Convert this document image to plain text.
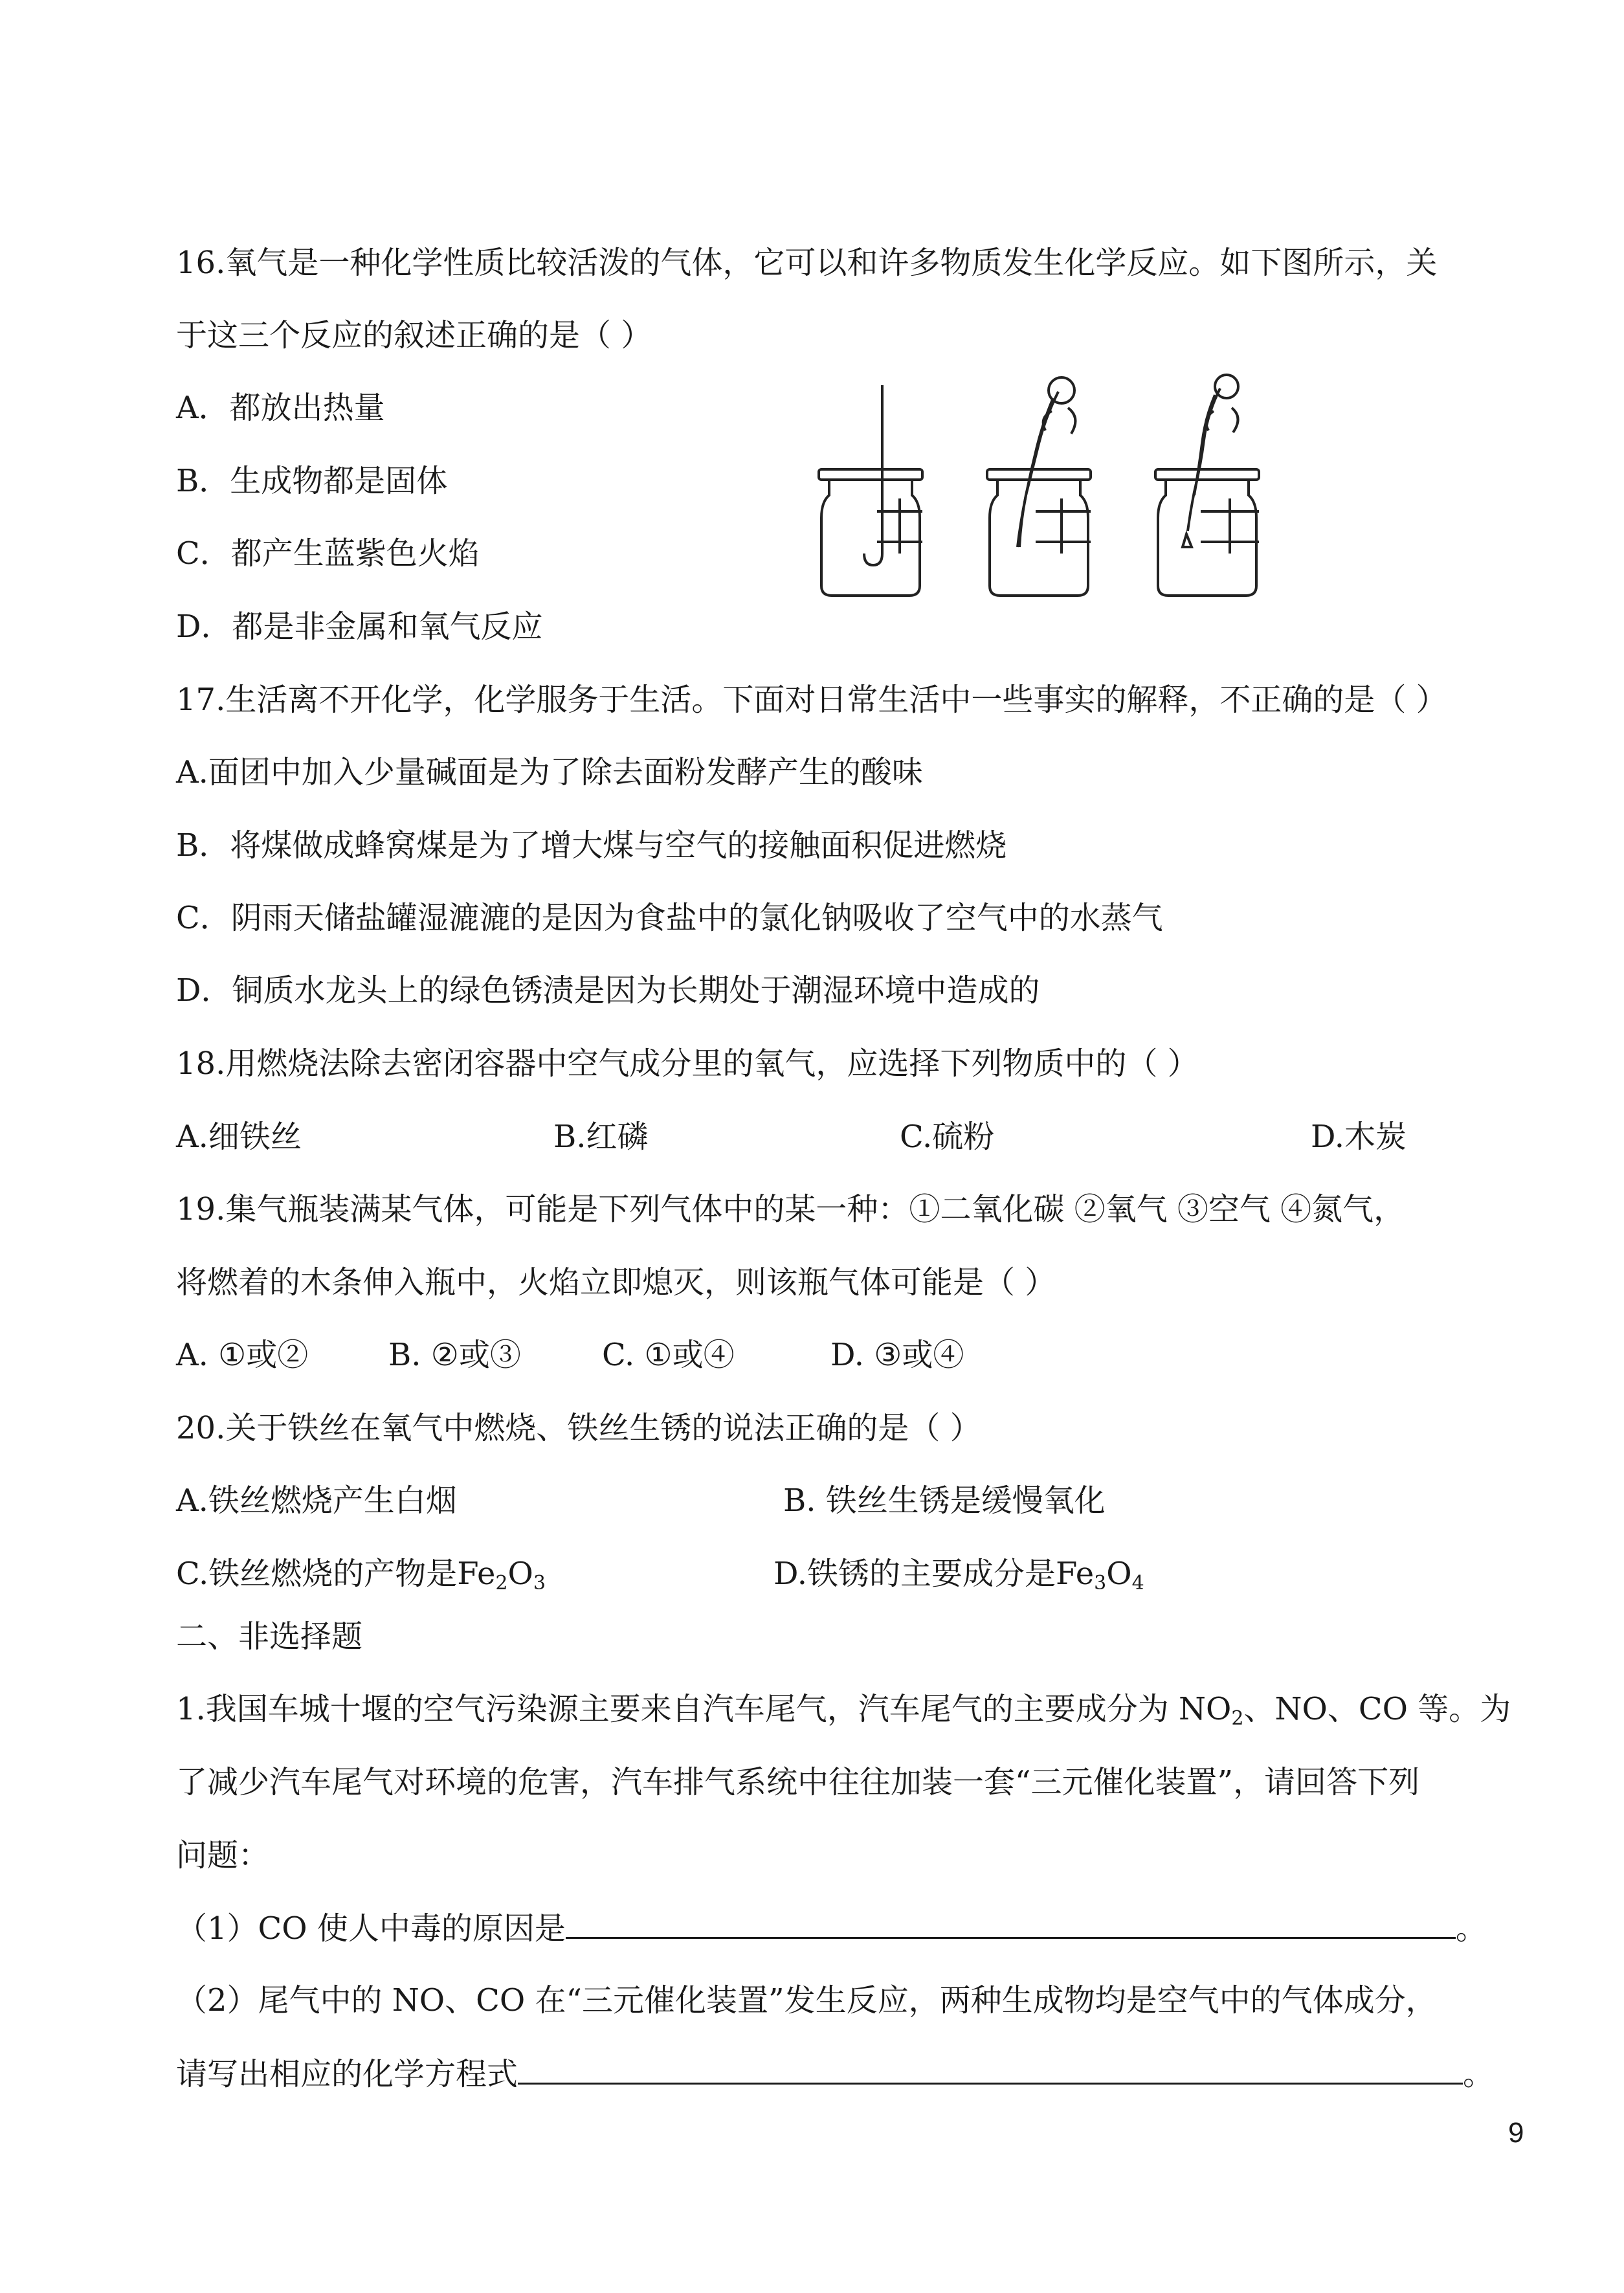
16.氧气是一种化学性质比较活泼的气体，它可以和许多物质发生化学反应。如下图所示，关
于这三个反应的叙述正确的是（ ）
A．都放出热量
B．生成物都是固体
C．都产生蓝紫色火焰
D．都是非金属和氧气反应
17.生活离不开化学，化学服务于生活。下面对日常生活中一些事实的解释，不正确的是（ ）
A.面团中加入少量碱面是为了除去面粉发酵产生的酸味
B．将煤做成蜂窝煤是为了增大煤与空气的接触面积促进燃烧
C．阴雨天储盐罐湿漉漉的是因为食盐中的氯化钠吸收了空气中的水蒸气
D．铜质水龙头上的绿色锈渍是因为长期处于潮湿环境中造成的
18.用燃烧法除去密闭容器中空气成分里的氧气，应选择下列物质中的（ ）
A.细铁丝	B.红磷	C.硫粉	D.木炭
19.集气瓶装满某气体，可能是下列气体中的某一种：①二氧化碳 ②氧气 ③空气 ④氮气，
将燃着的木条伸入瓶中，火焰立即熄灭，则该瓶气体可能是（ ）
A. ①或②	B. ②或③	C. ①或④	D. ③或④
20.关于铁丝在氧气中燃烧、铁丝生锈的说法正确的是（ ）
A.铁丝燃烧产生白烟	B. 铁丝生锈是缓慢氧化
C.铁丝燃烧的产物是$Fe_2O_3$	D.铁锈的主要成分是$Fe_3O_4$
二、非选择题
1.我国车城十堰的空气污染源主要来自汽车尾气，汽车尾气的主要成分为 $NO_2$、NO、CO 等。为
了减少汽车尾气对环境的危害，汽车排气系统中往往加装一套“三元催化装置”，请回答下列
问题：
（1）CO 使人中毒的原因是	。
（2）尾气中的 NO、CO 在“三元催化装置”发生反应，两种生成物均是空气中的气体成分，
请写出相应的化学方程式	。
9
